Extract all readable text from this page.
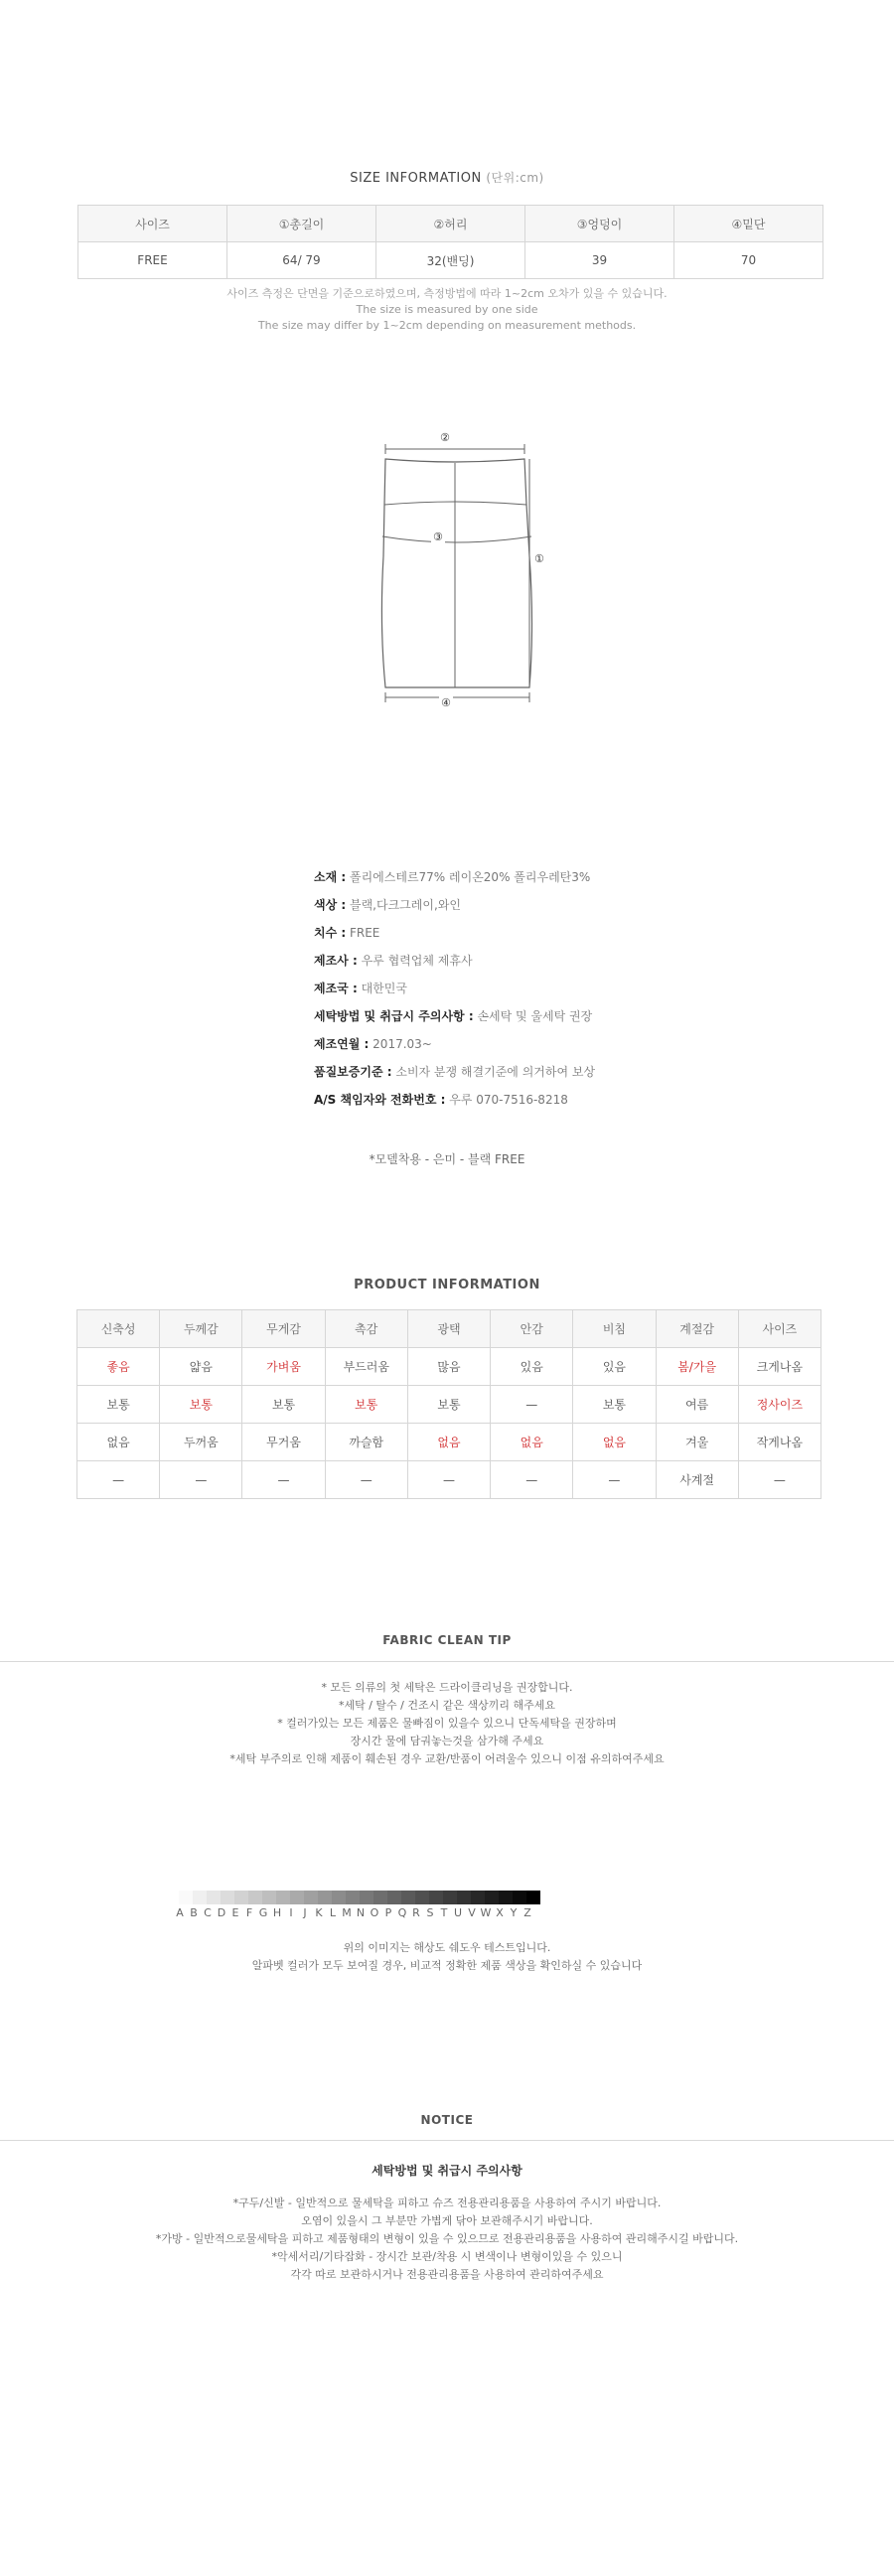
SIZE INFORMATION (단위:cm)
사이즈	①총길이	②허리	③엉덩이	④밑단
FREE	64/ 79	32(밴딩)	39	70
사이즈 측정은 단면을 기준으로하였으며, 측정방법에 따라 1~2cm 오차가 있을 수 있습니다.
The size is measured by one side
The size may differ by 1~2cm depending on measurement methods.
②
③
①
④
소재 : 폴리에스테르77% 레이온20% 폴리우레탄3%
색상 : 블랙,다크그레이,와인
치수 : FREE
제조사 : 우루 협력업체 제휴사
제조국 : 대한민국
세탁방법 및 취급시 주의사항 : 손세탁 및 울세탁 권장
제조연월 : 2017.03~
품질보증기준 : 소비자 분쟁 해결기준에 의거하여 보상
A/S 책임자와 전화번호 : 우루 070-7516-8218
*모델착용 - 은미 - 블랙 FREE
PRODUCT INFORMATION
신축성	두께감	무게감	촉감	광택	안감	비침	계절감	사이즈
좋음	얇음	가벼움	부드러움	많음	있음	있음	봄/가을	크게나옴
보통	보통	보통	보통	보통	—	보통	여름	정사이즈
없음	두꺼움	무거움	까슬함	없음	없음	없음	겨울	작게나옴
—	—	—	—	—	—	—	사계절	—
FABRIC CLEAN TIP
* 모든 의류의 첫 세탁은 드라이클리닝을 권장합니다.
*세탁 / 탈수 / 건조시 같은 색상끼리 해주세요
* 컬러가있는 모든 제품은 물빠짐이 있을수 있으니 단독세탁을 권장하며
장시간 물에 담궈놓는것을 삼가해 주세요
*세탁 부주의로 인해 제품이 훼손된 경우 교환/반품이 어려울수 있으니 이점 유의하여주세요
A B C D E F G H I J K L M N O P Q R S T U V W X Y Z
위의 이미지는 해상도 쉐도우 테스트입니다.
알파벳 컬러가 모두 보여질 경우, 비교적 정확한 제품 색상을 확인하실 수 있습니다
NOTICE
세탁방법 및 취급시 주의사항
*구두/신발 - 일반적으로 물세탁을 피하고 슈즈 전용관리용품을 사용하여 주시기 바랍니다.
오염이 있을시 그 부분만 가볍게 닦아 보관해주시기 바랍니다.
*가방 - 일반적으로물세탁을 피하고 제품형태의 변형이 있을 수 있으므로 전용관리용품을 사용하여 관리해주시길 바랍니다.
*악세서리/기타잡화 - 장시간 보관/착용 시 변색이나 변형이있을 수 있으니
각각 따로 보관하시거나 전용관리용품을 사용하여 관리하여주세요
